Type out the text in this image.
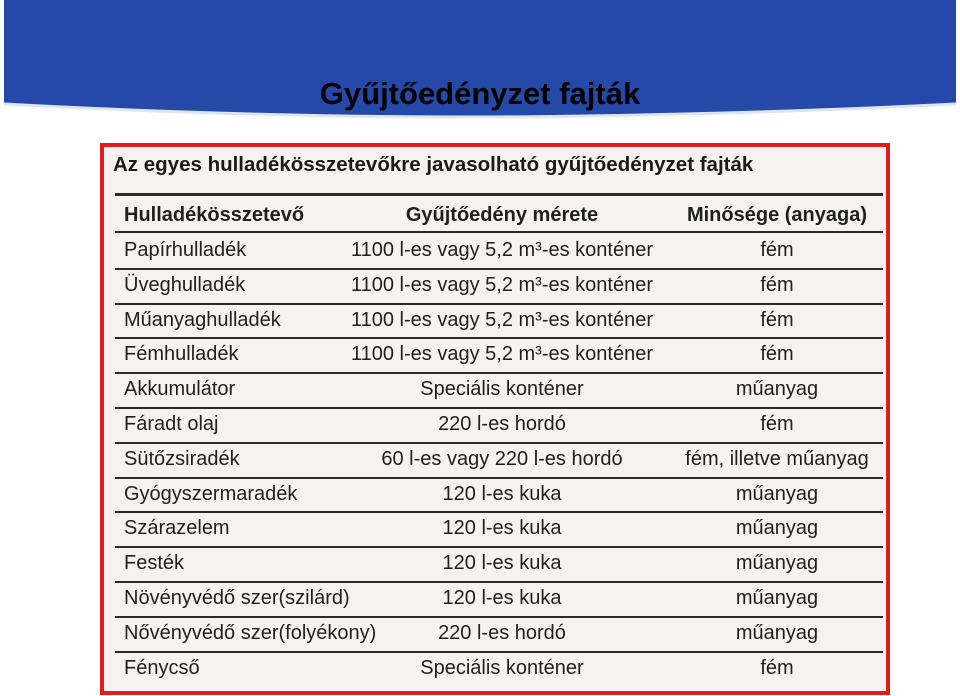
Gyűjtőedényzet fajták
Az egyes hulladékösszetevőkre javasolható gyűjtőedényzet fajták
Hulladékösszetevő	Gyűjtőedény mérete	Minősége (anyaga)
Papírhulladék	1100 l-es vagy 5,2 m³-es konténer	fém
Üveghulladék	1100 l-es vagy 5,2 m³-es konténer	fém
Műanyaghulladék	1100 l-es vagy 5,2 m³-es konténer	fém
Fémhulladék	1100 l-es vagy 5,2 m³-es konténer	fém
Akkumulátor	Speciális konténer	műanyag
Fáradt olaj	220 l-es hordó	fém
Sütőzsiradék	60 l-es vagy 220 l-es hordó	fém, illetve műanyag
Gyógyszermaradék	120 l-es kuka	műanyag
Szárazelem	120 l-es kuka	műanyag
Festék	120 l-es kuka	műanyag
Növényvédő szer(szilárd)	120 l-es kuka	műanyag
Nővényvédő szer(folyékony)	220 l-es hordó	műanyag
Fénycső	Speciális konténer	fém
